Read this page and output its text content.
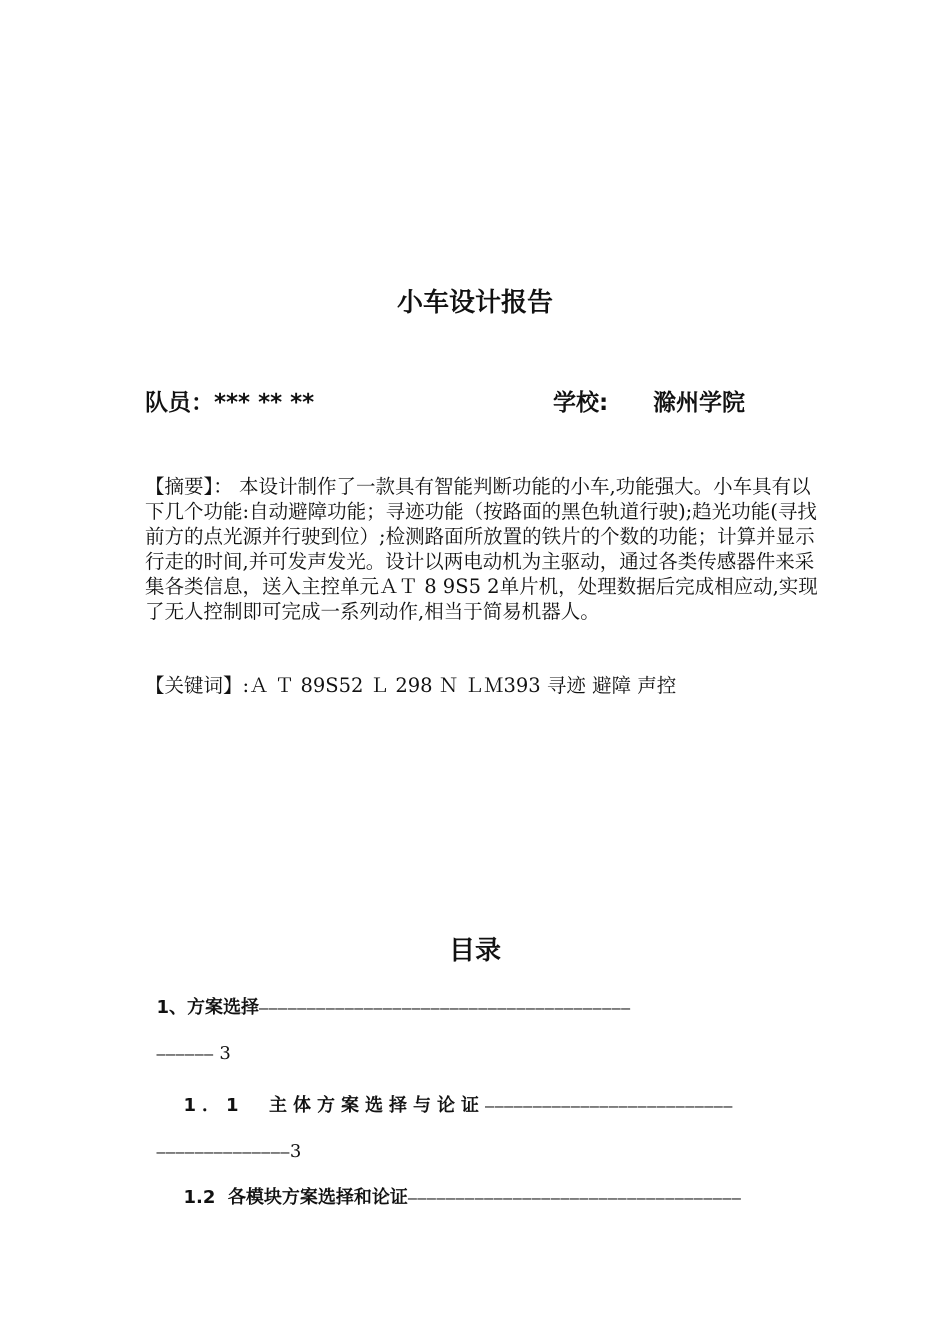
小车设计报告
队员：*** ** **	学校: 滁州学院
【摘要】： 本设计制作了一款具有智能判断功能的小车,功能强大。小车具有以下几个功能:自动避障功能；寻迹功能（按路面的黑色轨道行驶);趋光功能(寻找前方的点光源并行驶到位）;检测路面所放置的铁片的个数的功能；计算并显示行走的时间,并可发声发光。设计以两电动机为主驱动，通过各类传感器件来采集各类信息，送入主控单元ＡＴ 8 9S5 2单片机，处理数据后完成相应动,实现了无人控制即可完成一系列动作,相当于简易机器人。
【关键词】:Ａ Ｔ 89S52 Ｌ 298 Ｎ ＬＭ393 寻迹 避障 声控
目录

1、方案选择———————————————————————————————————————

—————— 3

1．1  主体方案选择与论证——————————————————————————

——————————————3

1.2  各模块方案选择和论证———————————————————————————————————
